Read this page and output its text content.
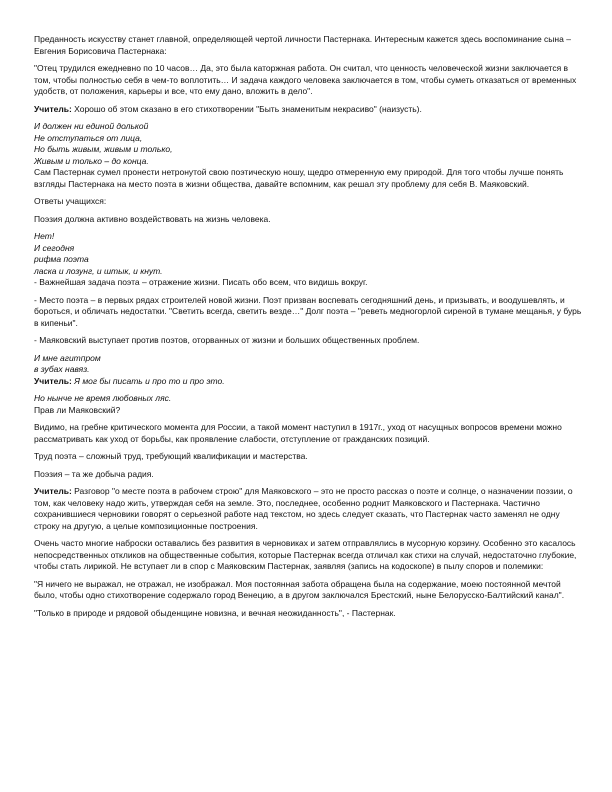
Преданность искусству станет главной, определяющей чертой личности Пастернака. Интересным кажется здесь воспоминание сына – Евгения Борисовича Пастернака:

"Отец трудился ежедневно по 10 часов… Да, это была каторжная работа. Он считал, что ценность человеческой жизни заключается в том, чтобы полностью себя в чем-то воплотить… И задача каждого человека заключается в том, чтобы суметь отказаться от временных удобств, от положения, карьеры и все, что ему дано, вложить в дело".

Учитель: Хорошо об этом сказано в его стихотворении "Быть знаменитым некрасиво" (наизусть).

И должен ни единой долькой

Не отступаться от лица,

Но быть живым, живым и только,

Живым и только – до конца.

Сам Пастернак сумел пронести нетронутой свою поэтическую ношу, щедро отмеренную ему природой. Для того чтобы лучше понять взгляды Пастернака на место поэта в жизни общества, давайте вспомним, как решал эту проблему для себя В. Маяковский.

Ответы учащихся:

Поэзия должна активно воздействовать на жизнь человека.

Нет!

И сегодня

рифма поэта

ласка и лозунг, и штык, и кнут.

- Важнейшая задача поэта – отражение жизни. Писать обо всем, что видишь вокруг.

- Место поэта – в первых рядах строителей новой жизни. Поэт призван воспевать сегодняшний день, и призывать, и воодушевлять, и бороться, и обличать недостатки. "Светить всегда, светить везде…" Долг поэта – "реветь медногорлой сиреной в тумане мещанья, у бурь в кипеньи".

- Маяковский выступает против поэтов, оторванных от жизни и больших общественных проблем.

И мне агитпром

в зубах навяз.

Учитель: Я мог бы писать и про то и про это.

Но нынче не время любовных ляс.

Прав ли Маяковский?

Видимо, на гребне критического момента для России, а такой момент наступил в 1917г., уход от насущных вопросов времени можно рассматривать как уход от борьбы, как проявление слабости, отступление от гражданских позиций.

Труд поэта – сложный труд, требующий квалификации и мастерства.

Поэзия – та же добыча радия.

Учитель: Разговор "о месте поэта в рабочем строю" для Маяковского – это не просто рассказ о поэте и солнце, о назначении поэзии, о том, как человеку надо жить, утверждая себя на земле. Это, последнее, особенно роднит Маяковского и Пастернака. Частично сохранившиеся черновики говорят о серьезной работе над текстом, но здесь следует сказать, что Пастернак часто заменял не одну строку на другую, а целые композиционные построения.

Очень часто многие наброски оставались без развития в черновиках и затем отправлялись в мусорную корзину. Особенно это касалось непосредственных откликов на общественные события, которые Пастернак всегда отличал как стихи на случай, недостаточно глубокие, чтобы стать лирикой. Не вступает ли в спор с Маяковским Пастернак, заявляя (запись на кодоскопе) в пылу споров и полемики:

"Я ничего не выражал, не отражал, не изображал. Моя постоянная забота обращена была на содержание, моею постоянной мечтой было, чтобы одно стихотворение содержало город Венецию, а в другом заключался Брестский, ныне Белорусско-Балтийский канал".

"Только в природе и рядовой обыденщине новизна, и вечная неожиданность", - Пастернак.
